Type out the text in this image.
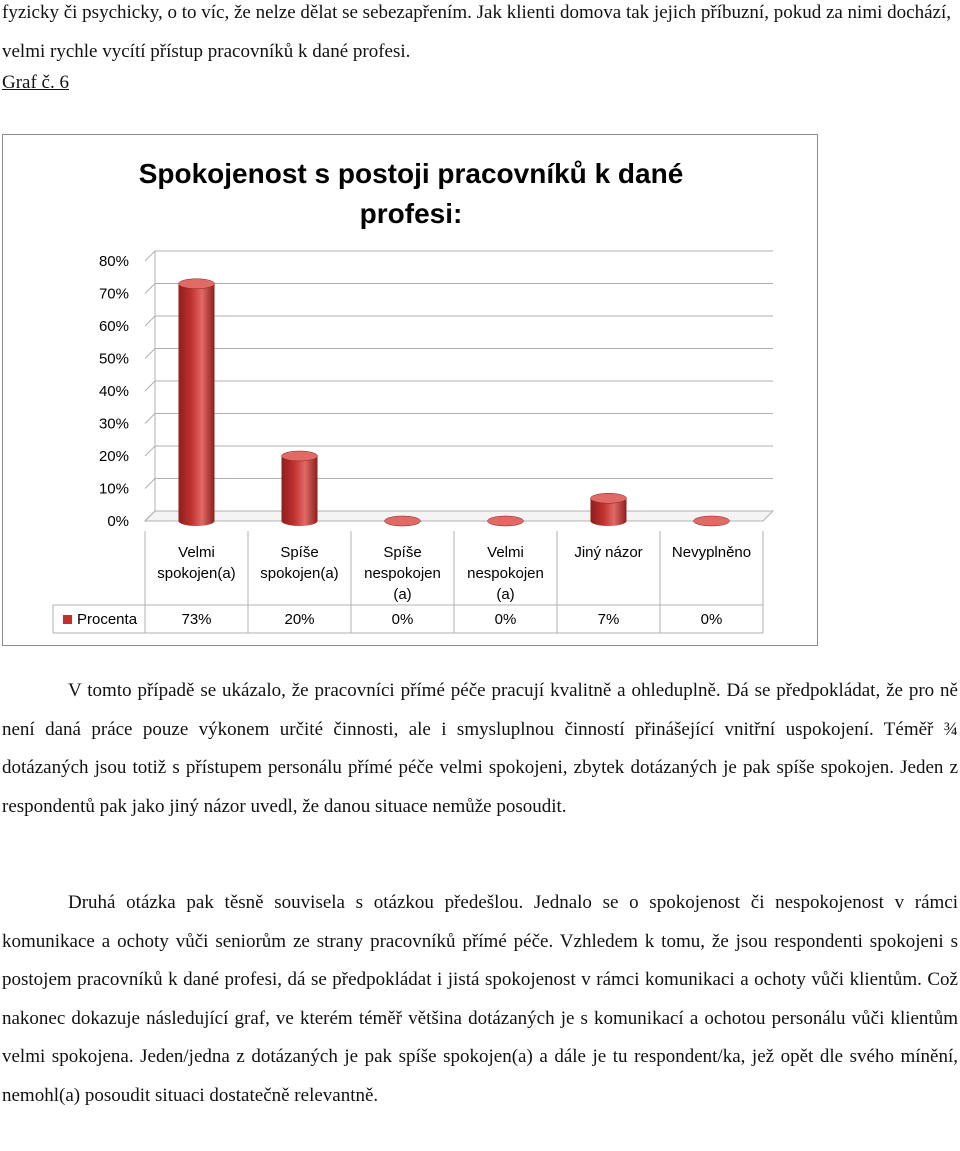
fyzicky či psychicky, o to víc, že nelze dělat se sebezapřením. Jak klienti domova tak jejich příbuzní, pokud za nimi dochází, velmi rychle vycítí přístup pracovníků k dané profesi.

Graf č. 6

Spokojenost s postoji pracovníků k dané
profesi:
0%
10%
20%
30%
40%
50%
60%
70%
80%
Procenta
Velmi
spokojen(a)
73%
Spíše
spokojen(a)
20%
Spíše
nespokojen
(a)
0%
Velmi
nespokojen
(a)
0%
Jiný názor
7%
Nevyplněno
0%

V tomto případě se ukázalo, že pracovníci přímé péče pracují kvalitně a ohleduplně. Dá se předpokládat, že pro ně není daná práce pouze výkonem určité činnosti, ale i smysluplnou činností přinášející vnitřní uspokojení. Téměř ¾ dotázaných jsou totiž s přístupem personálu přímé péče velmi spokojeni, zbytek dotázaných je pak spíše spokojen. Jeden z respondentů pak jako jiný názor uvedl, že danou situace nemůže posoudit.

Druhá otázka pak těsně souvisela s otázkou předešlou. Jednalo se o spokojenost či nespokojenost v rámci komunikace a ochoty vůči seniorům ze strany pracovníků přímé péče. Vzhledem k tomu, že jsou respondenti spokojeni s postojem pracovníků k dané profesi, dá se předpokládat i jistá spokojenost v rámci komunikaci a ochoty vůči klientům. Což nakonec dokazuje následující graf, ve kterém téměř většina dotázaných je s komunikací a ochotou personálu vůči klientům velmi spokojena. Jeden/jedna z dotázaných je pak spíše spokojen(a) a dále je tu respondent/ka, jež opět dle svého mínění, nemohl(a) posoudit situaci dostatečně relevantně.
